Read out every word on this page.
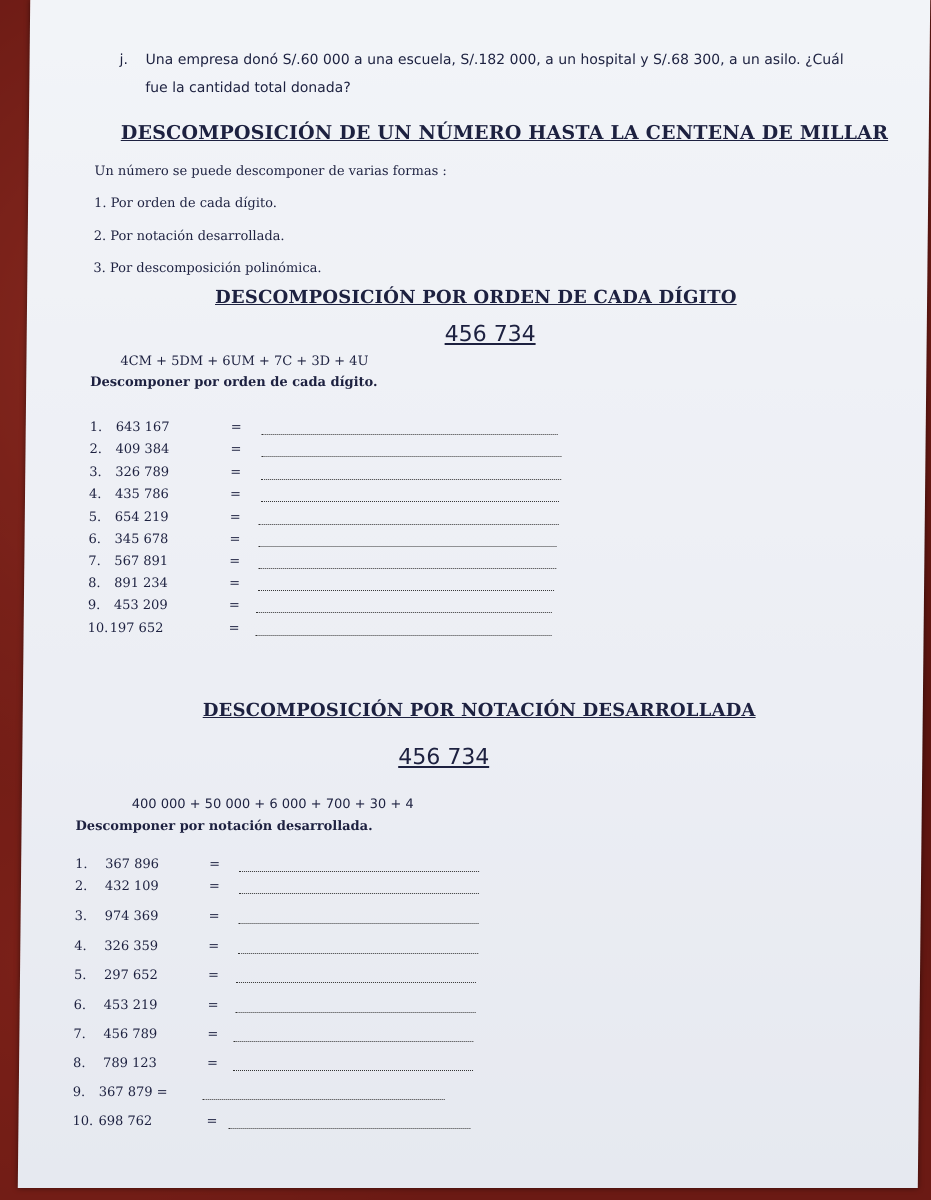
j. Una empresa donó S/.60 000 a una escuela, S/.182 000, a un hospital y S/.68 300, a un asilo. ¿Cuál
fue la cantidad total donada?
DESCOMPOSICIÓN DE UN NÚMERO HASTA LA CENTENA DE MILLAR
Un número se puede descomponer de varias formas :
1. Por orden de cada dígito.
2. Por notación desarrollada.
3. Por descomposición polinómica.
DESCOMPOSICIÓN POR ORDEN DE CADA DÍGITO
456 734
4CM + 5DM + 6UM + 7C + 3D + 4U
Descomponer por orden de cada dígito.
1. 643 167	=
2. 409 384	=
3. 326 789	=
4. 435 786	=
5. 654 219	=
6. 345 678	=
7. 567 891	=
8. 891 234	=
9. 453 209	=
10. 197 652	=
DESCOMPOSICIÓN POR NOTACIÓN DESARROLLADA
456 734
400 000 + 50 000 + 6 000 + 700 + 30 + 4
Descomponer por notación desarrollada.
1. 367 896	=
2. 432 109	=
3. 974 369	=
4. 326 359	=
5. 297 652	=
6. 453 219	=
7. 456 789	=
8. 789 123	=
9. 367 879 =
10. 698 762	=
